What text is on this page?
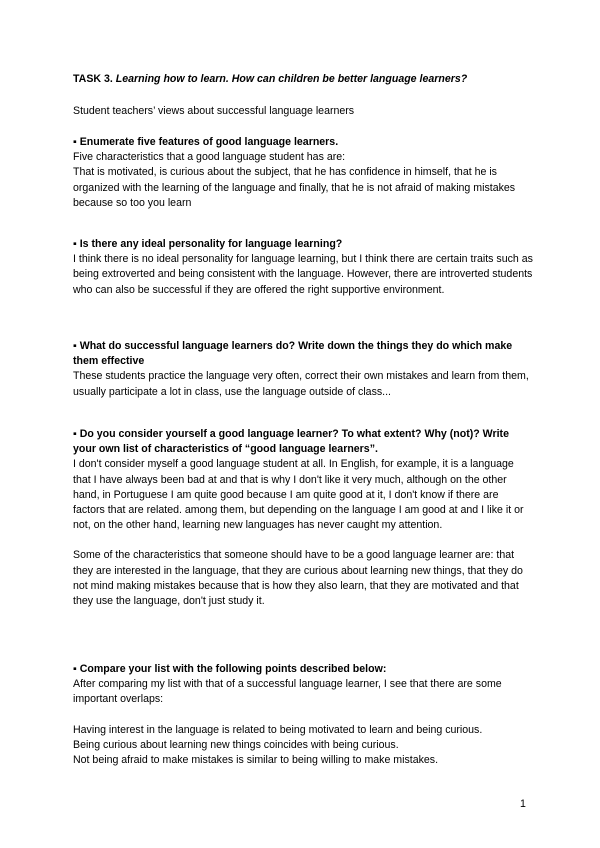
TASK 3. Learning how to learn. How can children be better language learners?
Student teachers’ views about successful language learners

▪ Enumerate five features of good language learners.

Five characteristics that a good language student has are:

That is motivated, is curious about the subject, that he has confidence in himself, that he is organized with the learning of the language and finally, that he is not afraid of making mistakes because so too you learn

▪ Is there any ideal personality for language learning?

I think there is no ideal personality for language learning, but I think there are certain traits such as being extroverted and being consistent with the language. However, there are introverted students who can also be successful if they are offered the right supportive environment.

▪ What do successful language learners do? Write down the things they do which make them effective

These students practice the language very often, correct their own mistakes and learn from them, usually participate a lot in class, use the language outside of class...

▪ Do you consider yourself a good language learner? To what extent? Why (not)? Write your own list of characteristics of “good language learners”.

I don't consider myself a good language student at all. In English, for example, it is a language that I have always been bad at and that is why I don't like it very much, although on the other hand, in Portuguese I am quite good because I am quite good at it, I don't know if there are factors that are related. among them, but depending on the language I am good at and I like it or not, on the other hand, learning new languages has never caught my attention.

Some of the characteristics that someone should have to be a good language learner are: that they are interested in the language, that they are curious about learning new things, that they do not mind making mistakes because that is how they also learn, that they are motivated and that they use the language, don't just study it.

▪ Compare your list with the following points described below:

After comparing my list with that of a successful language learner, I see that there are some important overlaps:

Having interest in the language is related to being motivated to learn and being curious.

Being curious about learning new things coincides with being curious.

Not being afraid to make mistakes is similar to being willing to make mistakes.

1
